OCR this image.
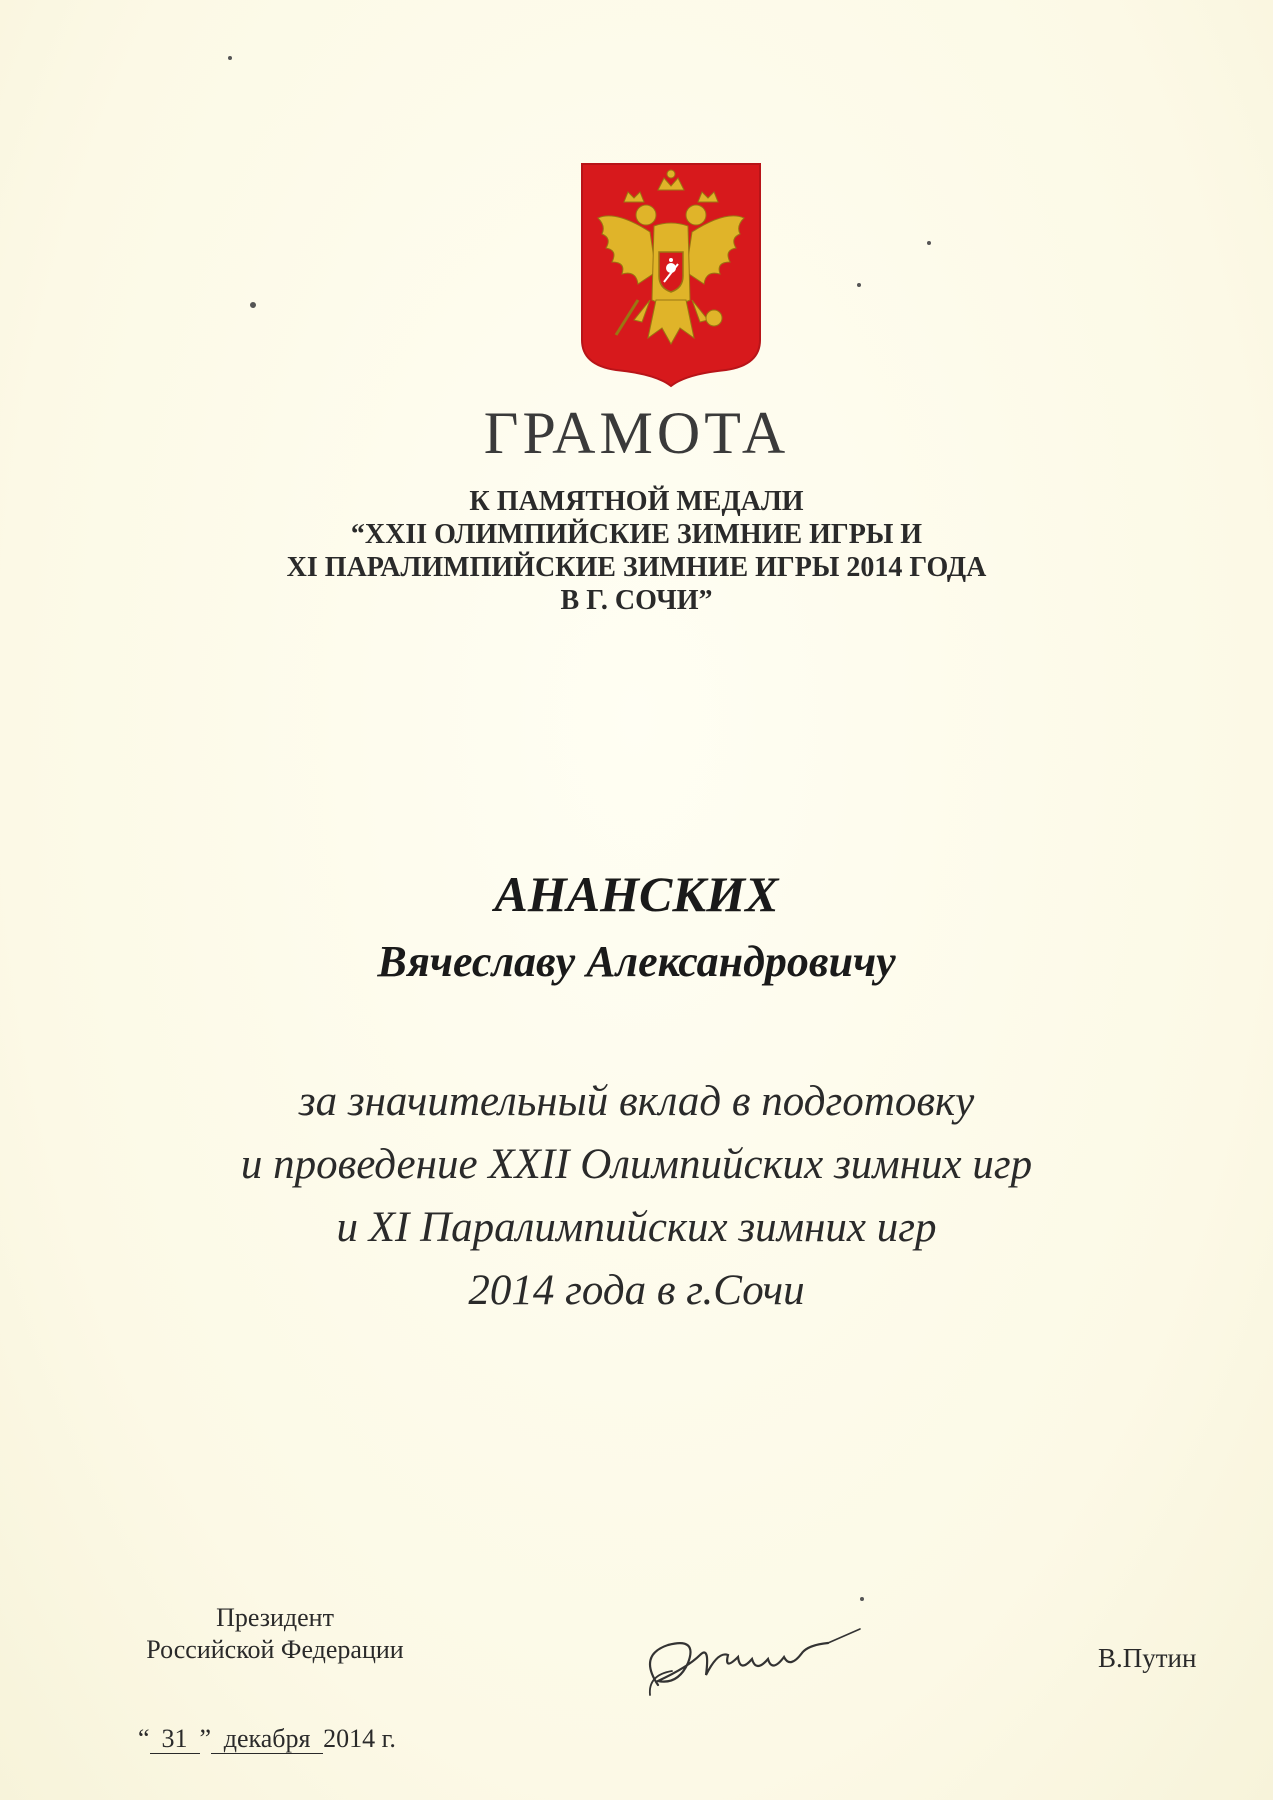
ГРАМОТА
К ПАМЯТНОЙ МЕДАЛИ
“XXII ОЛИМПИЙСКИЕ ЗИМНИЕ ИГРЫ И
XI ПАРАЛИМПИЙСКИЕ ЗИМНИЕ ИГРЫ 2014 ГОДА
В Г. СОЧИ”
АНАНСКИХ
Вячеславу Александровичу
за значительный вклад в подготовку
и проведение XXII Олимпийских зимних игр
и XI Паралимпийских зимних игр
2014 года в г.Сочи
Президент
Российской Федерации	В.Путин
“ 31 ” декабря 2014 г.
